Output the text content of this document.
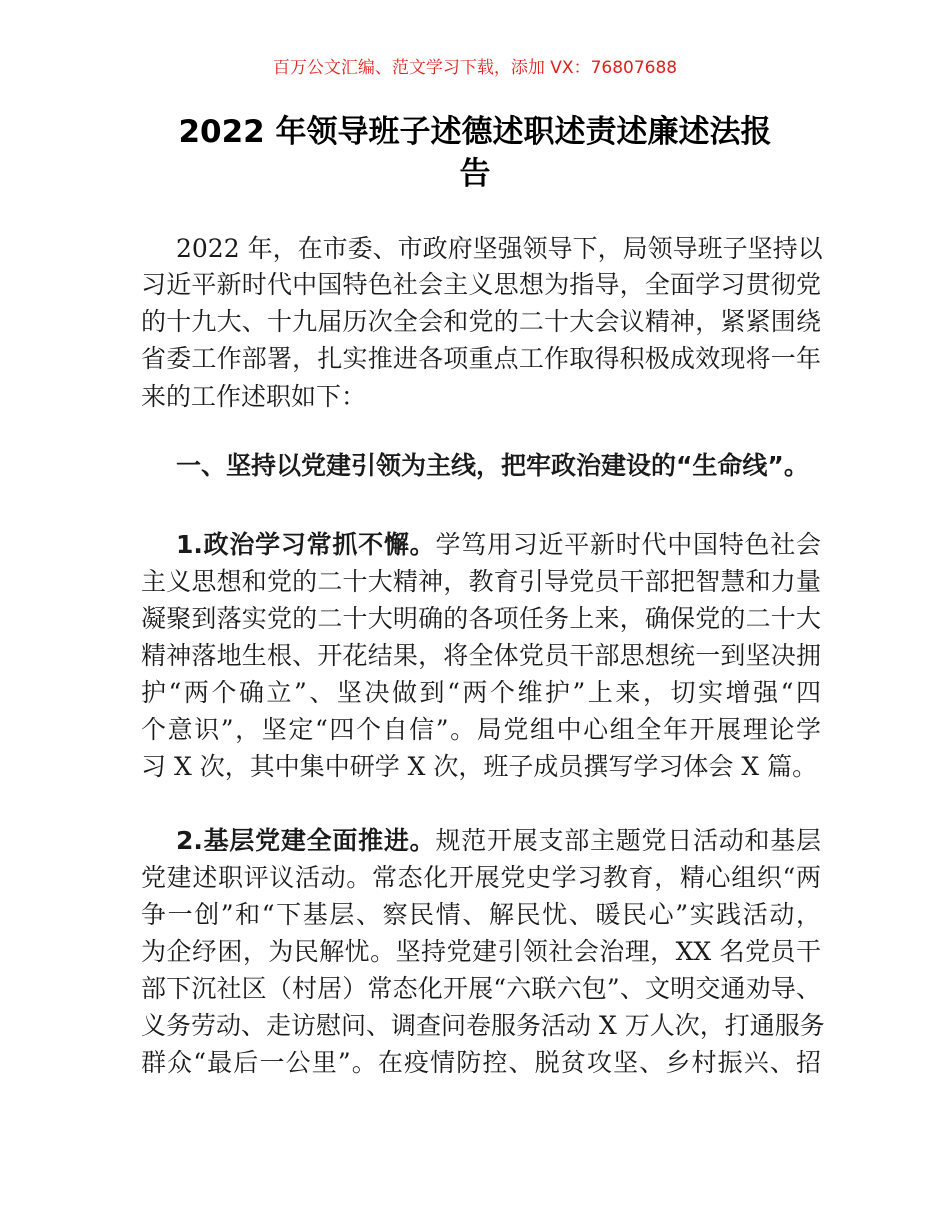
百万公文汇编、范文学习下载，添加 VX：76807688
2022 年领导班子述德述职述责述廉述法报
告
2022 年，在市委、市政府坚强领导下，局领导班子坚持以
习近平新时代中国特色社会主义思想为指导，全面学习贯彻党
的十九大、十九届历次全会和党的二十大会议精神，紧紧围绕
省委工作部署，扎实推进各项重点工作取得积极成效现将一年
来的工作述职如下：
一、坚持以党建引领为主线，把牢政治建设的“生命线”。
1.政治学习常抓不懈。学笃用习近平新时代中国特色社会
主义思想和党的二十大精神，教育引导党员干部把智慧和力量
凝聚到落实党的二十大明确的各项任务上来，确保党的二十大
精神落地生根、开花结果，将全体党员干部思想统一到坚决拥
护“两个确立”、坚决做到“两个维护”上来，切实增强“四
个意识”，坚定“四个自信”。局党组中心组全年开展理论学
习 X 次，其中集中研学 X 次，班子成员撰写学习体会 X 篇。
2.基层党建全面推进。规范开展支部主题党日活动和基层
党建述职评议活动。常态化开展党史学习教育，精心组织“两
争一创”和“下基层、察民情、解民忧、暖民心”实践活动，
为企纾困，为民解忧。坚持党建引领社会治理，XX 名党员干
部下沉社区（村居）常态化开展“六联六包”、文明交通劝导、
义务劳动、走访慰问、调查问卷服务活动 X 万人次，打通服务
群众“最后一公里”。在疫情防控、脱贫攻坚、乡村振兴、招
